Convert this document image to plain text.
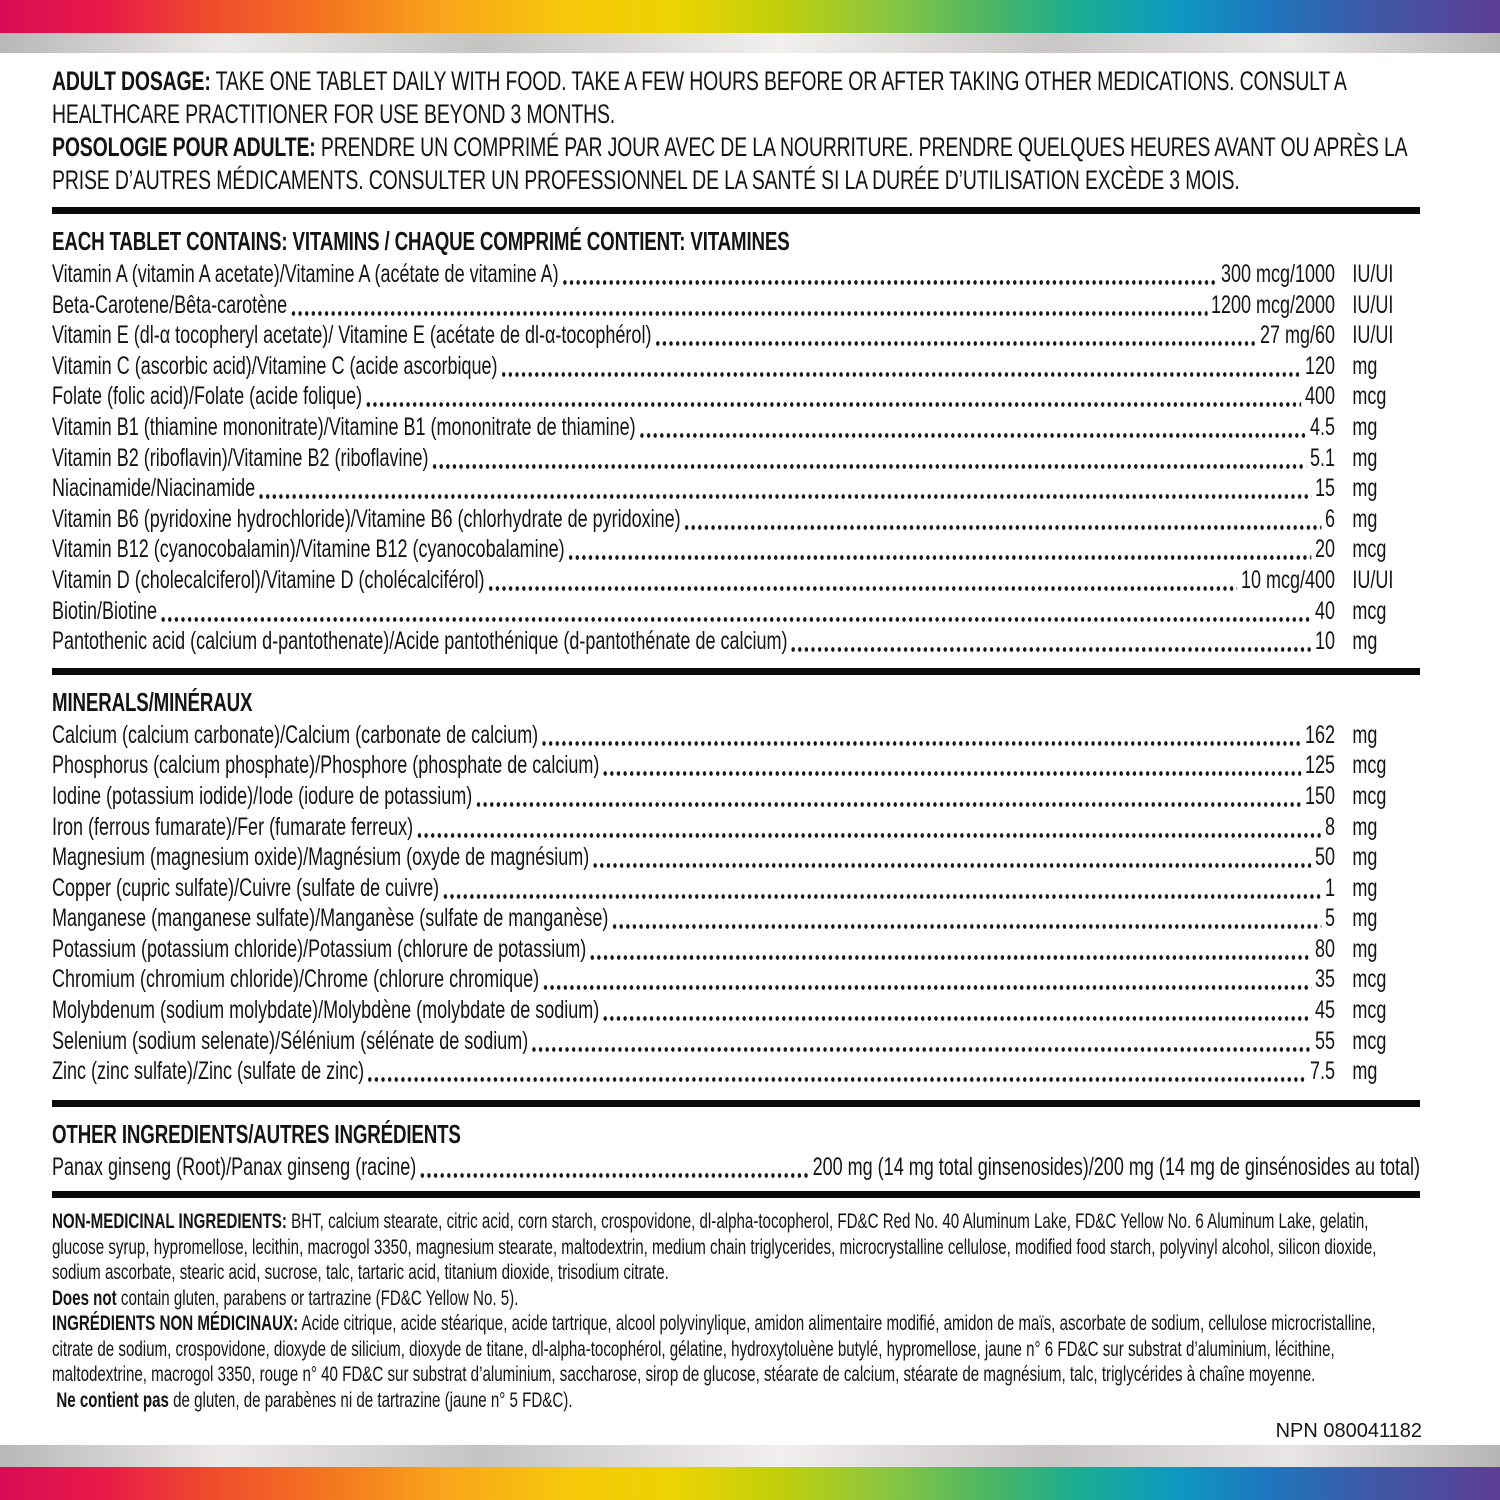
ADULT DOSAGE: TAKE ONE TABLET DAILY WITH FOOD. TAKE A FEW HOURS BEFORE OR AFTER TAKING OTHER MEDICATIONS. CONSULT A HEALTHCARE PRACTITIONER FOR USE BEYOND 3 MONTHS.

POSOLOGIE POUR ADULTE: PRENDRE UN COMPRIMÉ PAR JOUR AVEC DE LA NOURRITURE. PRENDRE QUELQUES HEURES AVANT OU APRÈS LA PRISE D’AUTRES MÉDICAMENTS. CONSULTER UN PROFESSIONNEL DE LA SANTÉ SI LA DURÉE D’UTILISATION EXCÈDE 3 MOIS.

EACH TABLET CONTAINS: VITAMINS / CHAQUE COMPRIMÉ CONTIENT: VITAMINES
Vitamin A (vitamin A acetate)/Vitamine A (acétate de vitamine A)	300 mcg/1000 IU/UI
Beta-Carotene/Bêta-carotène	1200 mcg/2000 IU/UI
Vitamin E (dl-α tocopheryl acetate)/ Vitamine E (acétate de dl-α-tocophérol)	27 mg/60 IU/UI
Vitamin C (ascorbic acid)/Vitamine C (acide ascorbique)	120 mg
Folate (folic acid)/Folate (acide folique)	400 mcg
Vitamin B1 (thiamine mononitrate)/Vitamine B1 (mononitrate de thiamine)	4.5 mg
Vitamin B2 (riboflavin)/Vitamine B2 (riboflavine)	5.1 mg
Niacinamide/Niacinamide	15 mg
Vitamin B6 (pyridoxine hydrochloride)/Vitamine B6 (chlorhydrate de pyridoxine)	6 mg
Vitamin B12 (cyanocobalamin)/Vitamine B12 (cyanocobalamine)	20 mcg
Vitamin D (cholecalciferol)/Vitamine D (cholécalciférol)	10 mcg/400 IU/UI
Biotin/Biotine	40 mcg
Pantothenic acid (calcium d-pantothenate)/Acide pantothénique (d-pantothénate de calcium)	10 mg
MINERALS/MINÉRAUX
Calcium (calcium carbonate)/Calcium (carbonate de calcium)	162 mg
Phosphorus (calcium phosphate)/Phosphore (phosphate de calcium)	125 mcg
Iodine (potassium iodide)/Iode (iodure de potassium)	150 mcg
Iron (ferrous fumarate)/Fer (fumarate ferreux)	8 mg
Magnesium (magnesium oxide)/Magnésium (oxyde de magnésium)	50 mg
Copper (cupric sulfate)/Cuivre (sulfate de cuivre)	1 mg
Manganese (manganese sulfate)/Manganèse (sulfate de manganèse)	5 mg
Potassium (potassium chloride)/Potassium (chlorure de potassium)	80 mg
Chromium (chromium chloride)/Chrome (chlorure chromique)	35 mcg
Molybdenum (sodium molybdate)/Molybdène (molybdate de sodium)	45 mcg
Selenium (sodium selenate)/Sélénium (sélénate de sodium)	55 mcg
Zinc (zinc sulfate)/Zinc (sulfate de zinc)	7.5 mg
OTHER INGREDIENTS/AUTRES INGRÉDIENTS
Panax ginseng (Root)/Panax ginseng (racine)	200 mg (14 mg total ginsenosides)/200 mg (14 mg de ginsénosides au total)

NON-MEDICINAL INGREDIENTS: BHT, calcium stearate, citric acid, corn starch, crospovidone, dl-alpha-tocopherol, FD&C Red No. 40 Aluminum Lake, FD&C Yellow No. 6 Aluminum Lake, gelatin, glucose syrup, hypromellose, lecithin, macrogol 3350, magnesium stearate, maltodextrin, medium chain triglycerides, microcrystalline cellulose, modified food starch, polyvinyl alcohol, silicon dioxide, sodium ascorbate, stearic acid, sucrose, talc, tartaric acid, titanium dioxide, trisodium citrate.

Does not contain gluten, parabens or tartrazine (FD&C Yellow No. 5).

INGRÉDIENTS NON MÉDICINAUX: Acide citrique, acide stéarique, acide tartrique, alcool polyvinylique, amidon alimentaire modifié, amidon de maïs, ascorbate de sodium, cellulose microcristalline, citrate de sodium, crospovidone, dioxyde de silicium, dioxyde de titane, dl-alpha-tocophérol, gélatine, hydroxytoluène butylé, hypromellose, jaune n° 6 FD&C sur substrat d’aluminium, lécithine, maltodextrine, macrogol 3350, rouge n° 40 FD&C sur substrat d’aluminium, saccharose, sirop de glucose, stéarate de calcium, stéarate de magnésium, talc, triglycérides à chaîne moyenne.

Ne contient pas de gluten, de parabènes ni de tartrazine (jaune n° 5 FD&C).

NPN 080041182
